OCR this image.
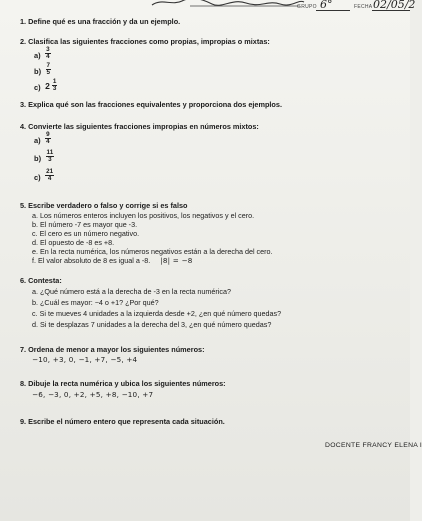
GRUPO 6°	FECHA 02/05/2
1. Define qué es una fracción y da un ejemplo.
2. Clasifica las siguientes fracciones como propias, impropias o mixtas:
$a) \frac{3}{4}$
$b) \frac{7}{5}$
c) $2 \frac{1}{3}$
3. Explica qué son las fracciones equivalentes y proporciona dos ejemplos.
4. Convierte las siguientes fracciones impropias en números mixtos:
$a) \frac{9}{4}$
$b) \frac{11}{3}$
$c) \frac{21}{4}$
5. Escribe verdadero o falso y corrige si es falso
a. Los números enteros incluyen los positivos, los negativos y el cero.
b. El número -7 es mayor que -3.
c. El cero es un número negativo.
d. El opuesto de -8 es +8.
e. En la recta numérica, los números negativos están a la derecha del cero.
f. El valor absoluto de 8 es igual a -8. |8| = −8
6. Contesta:
a. ¿Qué número está a la derecha de -3 en la recta numérica?
b. ¿Cuál es mayor: −4 o +1? ¿Por qué?
c. Si te mueves 4 unidades a la izquierda desde +2, ¿en qué número quedas?
d. Si te desplazas 7 unidades a la derecha del 3, ¿en qué número quedas?
7. Ordena de menor a mayor los siguientes números:
−10, +3, 0, −1, +7, −5, +4
8. Dibuje la recta numérica y ubica los siguientes números:
−6, −3, 0, +2, +5, +8, −10, +7
9. Escribe el número entero que representa cada situación.
DOCENTE FRANCY ELENA I
